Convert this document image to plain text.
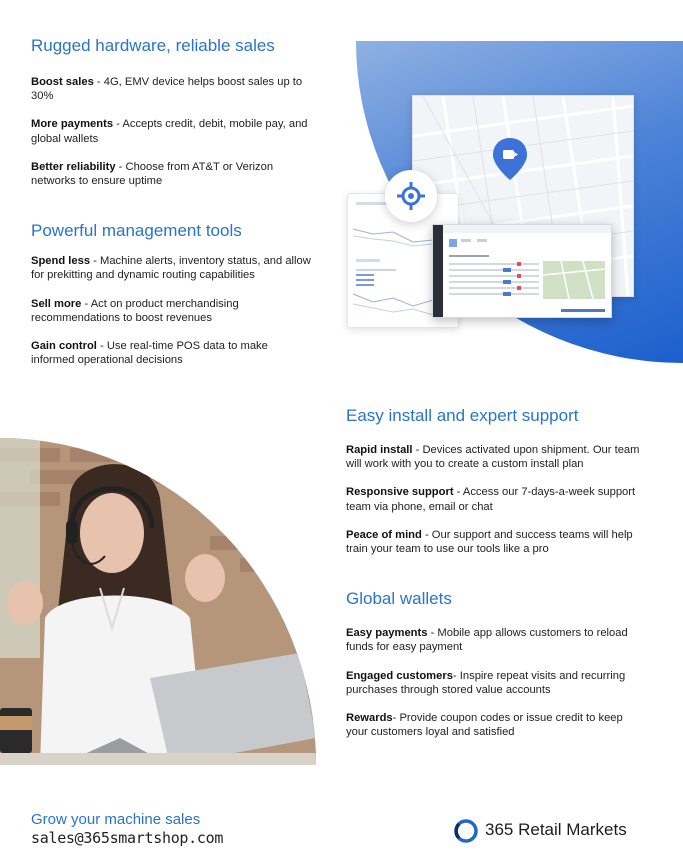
Rugged hardware, reliable sales
Boost sales - 4G, EMV device helps boost sales up to 30%
More payments - Accepts credit, debit, mobile pay, and global wallets
Better reliability - Choose from AT&T or Verizon networks to ensure uptime
Powerful management tools
Spend less - Machine alerts, inventory status, and allow for prekitting and dynamic routing capabilities
Sell more - Act on product merchandising recommendations to boost revenues
Gain control - Use real-time POS data to make informed operational decisions
Easy install and expert support
Rapid install - Devices activated upon shipment. Our team will work with you to create a custom install plan
Responsive support - Access our 7-days-a-week support team via phone, email or chat
Peace of mind - Our support and success teams will help train your team to use our tools like a pro
Global wallets
Easy payments - Mobile app allows customers to reload funds for easy payment
Engaged customers- Inspire repeat visits and recurring purchases through stored value accounts
Rewards- Provide coupon codes or issue credit to keep your customers loyal and satisfied
Grow your machine sales
sales@365smartshop.com	365 Retail Markets
